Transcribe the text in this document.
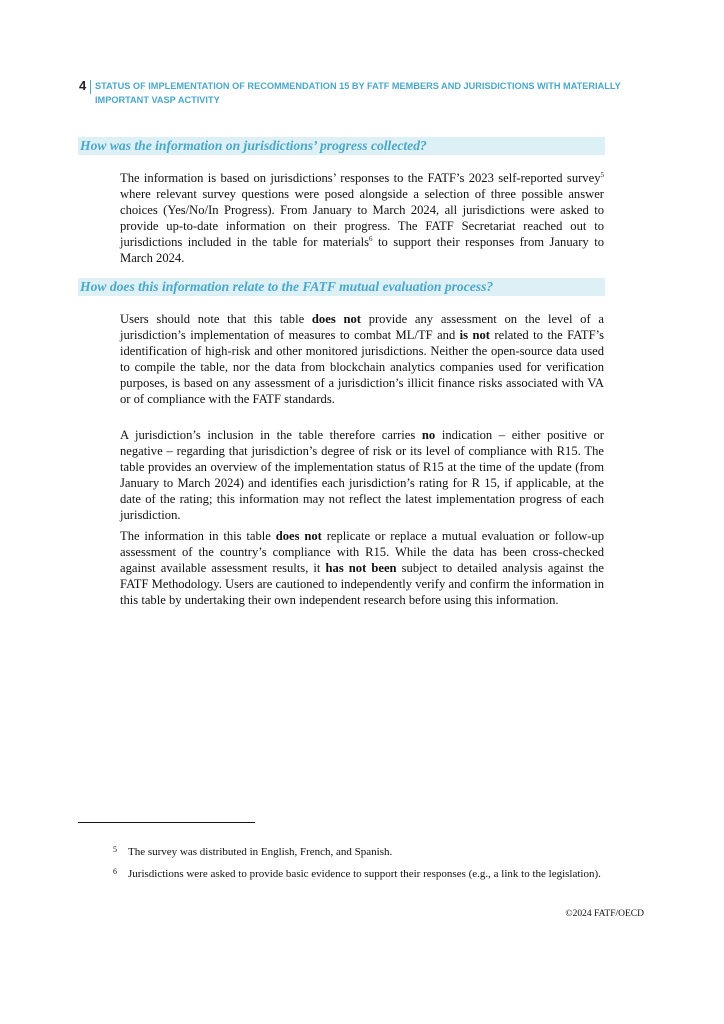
4 STATUS OF IMPLEMENTATION OF RECOMMENDATION 15 BY FATF MEMBERS AND JURISDICTIONS WITH MATERIALLY IMPORTANT VASP ACTIVITY
How was the information on jurisdictions’ progress collected?

The information is based on jurisdictions’ responses to the FATF’s 2023 self-reported survey$^5$ where relevant survey questions were posed alongside a selection of three possible answer choices (Yes/No/In Progress). From January to March 2024, all jurisdictions were asked to provide up-to-date information on their progress. The FATF Secretariat reached out to jurisdictions included in the table for materials$^6$ to support their responses from January to March 2024.

How does this information relate to the FATF mutual evaluation process?

Users should note that this table does not provide any assessment on the level of a jurisdiction’s implementation of measures to combat ML/TF and is not related to the FATF’s identification of high-risk and other monitored jurisdictions. Neither the open-source data used to compile the table, nor the data from blockchain analytics companies used for verification purposes, is based on any assessment of a jurisdiction’s illicit finance risks associated with VA or of compliance with the FATF standards.

A jurisdiction’s inclusion in the table therefore carries no indication – either positive or negative – regarding that jurisdiction’s degree of risk or its level of compliance with R15. The table provides an overview of the implementation status of R15 at the time of the update (from January to March 2024) and identifies each jurisdiction’s rating for R 15, if applicable, at the date of the rating; this information may not reflect the latest implementation progress of each jurisdiction.

The information in this table does not replicate or replace a mutual evaluation or follow-up assessment of the country’s compliance with R15. While the data has been cross-checked against available assessment results, it has not been subject to detailed analysis against the FATF Methodology. Users are cautioned to independently verify and confirm the information in this table by undertaking their own independent research before using this information.

5 The survey was distributed in English, French, and Spanish.
6 Jurisdictions were asked to provide basic evidence to support their responses (e.g., a link to the legislation).
©2024 FATF/OECD
